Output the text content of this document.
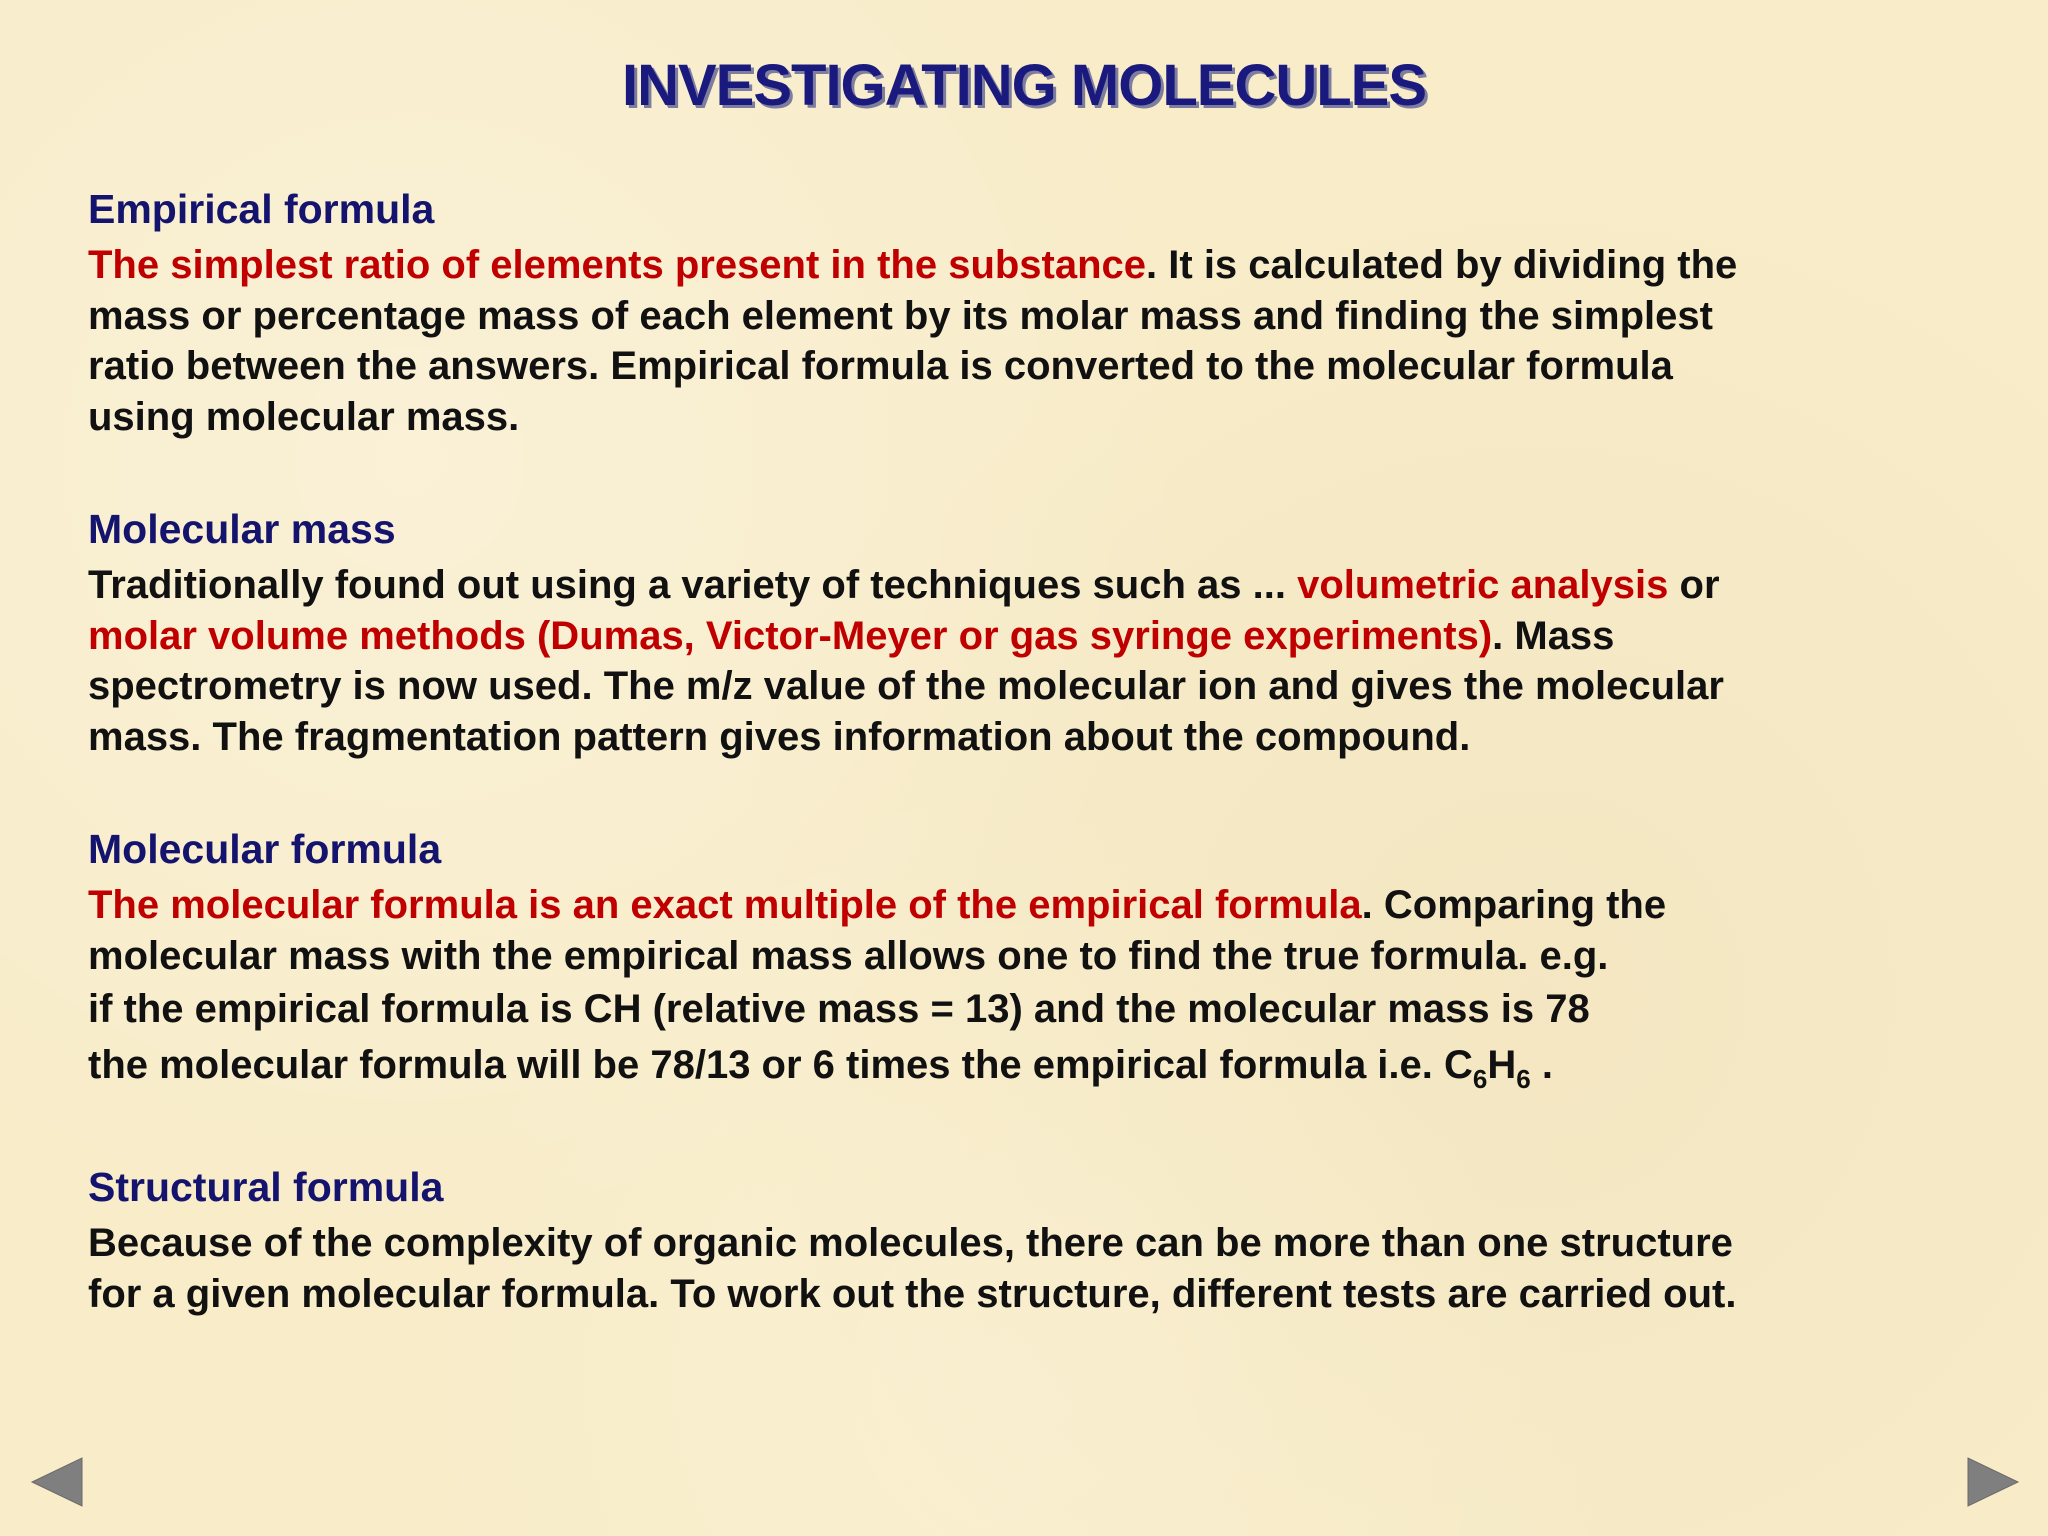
INVESTIGATING MOLECULES
Empirical formula

The simplest ratio of elements present in the substance. It is calculated by dividing the
mass or percentage mass of each element by its molar mass and finding the simplest
ratio between the answers. Empirical formula is converted to the molecular formula
using molecular mass.

Molecular mass

Traditionally found out using a variety of techniques such as ... volumetric analysis or
molar volume methods (Dumas, Victor-Meyer or gas syringe experiments). Mass
spectrometry is now used. The m/z value of the molecular ion and gives the molecular
mass. The fragmentation pattern gives information about the compound.

Molecular formula

The molecular formula is an exact multiple of the empirical formula. Comparing the
molecular mass with the empirical mass allows one to find the true formula. e.g.
if the empirical formula is CH (relative mass = 13) and the molecular mass is 78
the molecular formula will be 78/13 or 6 times the empirical formula i.e. $C_6H_6$ .

Structural formula

Because of the complexity of organic molecules, there can be more than one structure
for a given molecular formula. To work out the structure, different tests are carried out.
